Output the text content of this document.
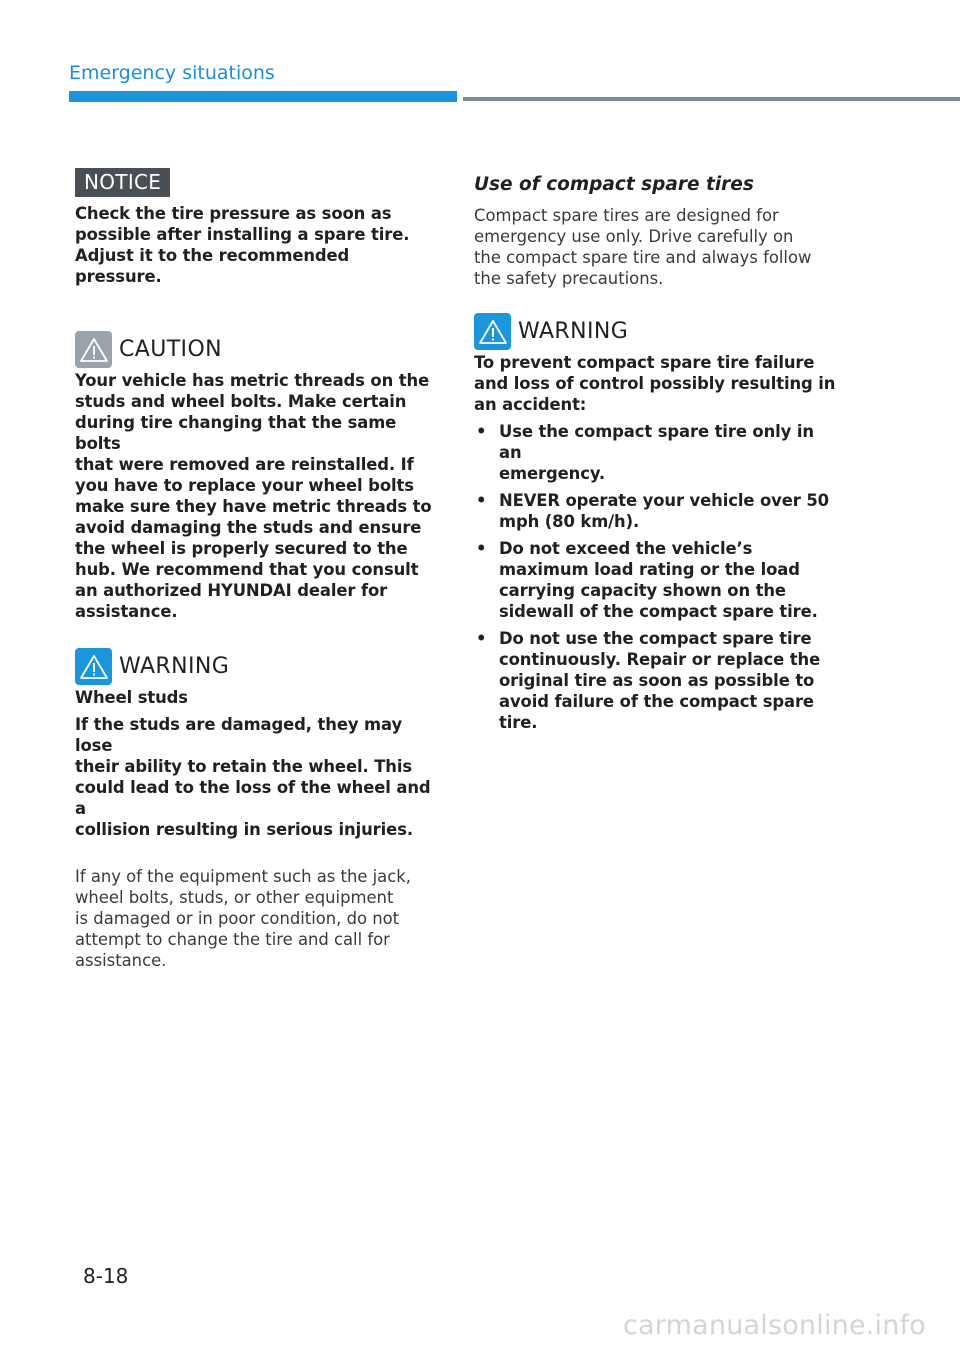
Emergency situations
NOTICE

Check the tire pressure as soon as

possible after installing a spare tire.

Adjust it to the recommended pressure.

CAUTION

Your vehicle has metric threads on the

studs and wheel bolts. Make certain

during tire changing that the same bolts

that were removed are reinstalled. If

you have to replace your wheel bolts

make sure they have metric threads to

avoid damaging the studs and ensure

the wheel is properly secured to the

hub. We recommend that you consult

an authorized HYUNDAI dealer for

assistance.

WARNING

Wheel studs

If the studs are damaged, they may lose

their ability to retain the wheel. This

could lead to the loss of the wheel and a

collision resulting in serious injuries.

If any of the equipment such as the jack,

wheel bolts, studs, or other equipment

is damaged or in poor condition, do not

attempt to change the tire and call for

assistance.

Use of compact spare tires

Compact spare tires are designed for

emergency use only. Drive carefully on

the compact spare tire and always follow

the safety precautions.

WARNING

To prevent compact spare tire failure

and loss of control possibly resulting in

an accident:

• Use the compact spare tire only in an

emergency.

• NEVER operate your vehicle over 50

mph (80 km/h).

• Do not exceed the vehicle’s

maximum load rating or the load

carrying capacity shown on the

sidewall of the compact spare tire.

• Do not use the compact spare tire

continuously. Repair or replace the

original tire as soon as possible to

avoid failure of the compact spare

tire.

8-18
carmanualsonline.info
